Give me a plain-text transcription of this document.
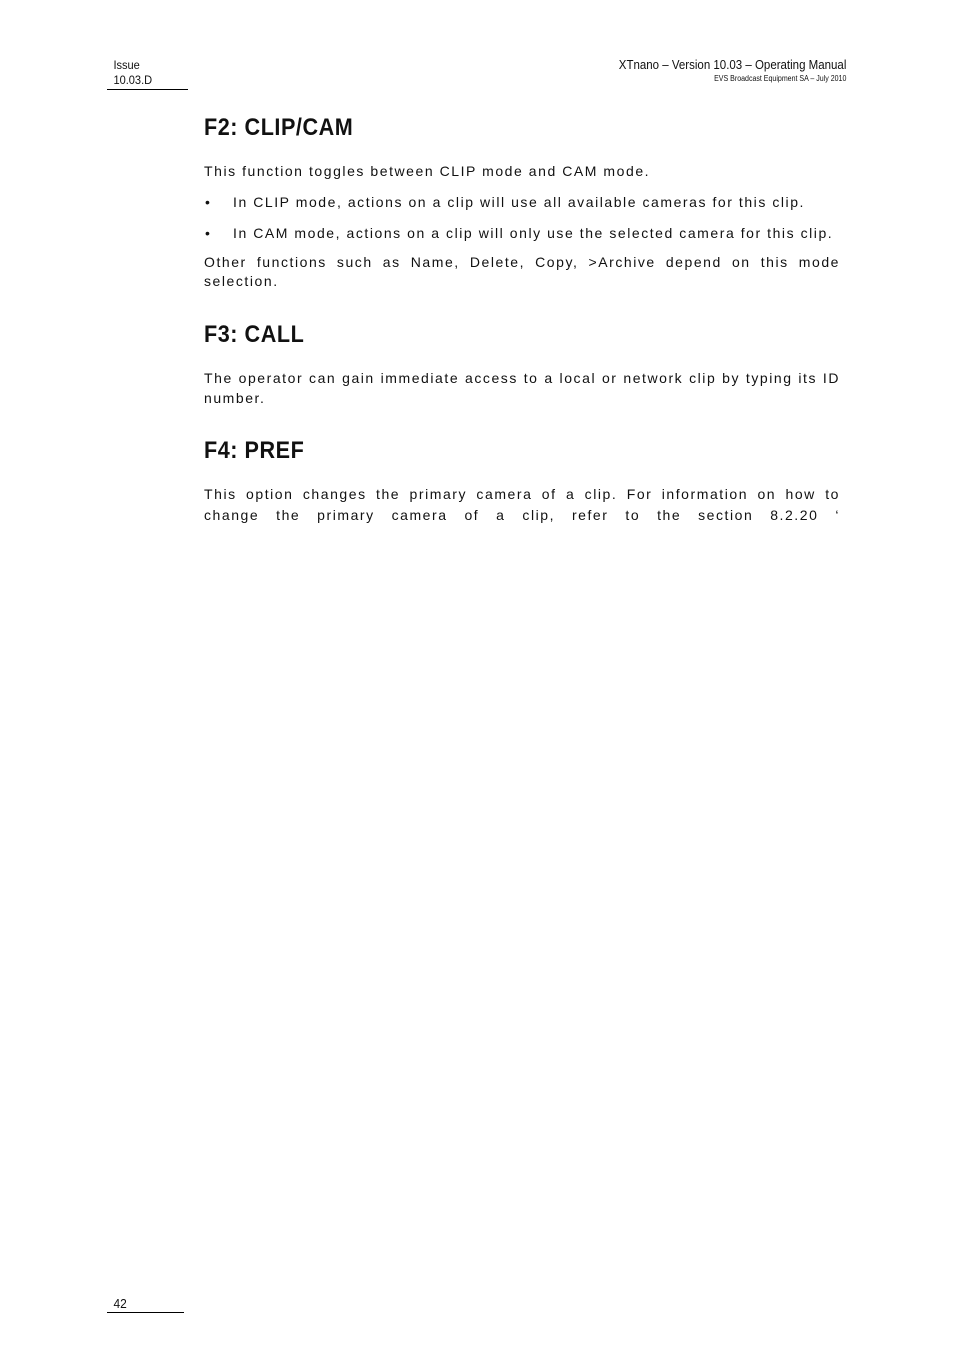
Issue
10.03.D
XTnano – Version 10.03 – Operating Manual
EVS Broadcast Equipment SA – July 2010
F2: CLIP/CAM

This function toggles between CLIP mode and CAM mode.

• In CLIP mode, actions on a clip will use all available cameras for this clip.
• In CAM mode, actions on a clip will only use the selected camera for this clip.

Other functions such as Name, Delete, Copy, >Archive depend on this mode selection.

F3: CALL

The operator can gain immediate access to a local or network clip by typing its ID number.

F4: PREF

This option changes the primary camera of a clip. For information on how to

change the primary camera of a clip, refer to the section 8.2.20 ‘

42
